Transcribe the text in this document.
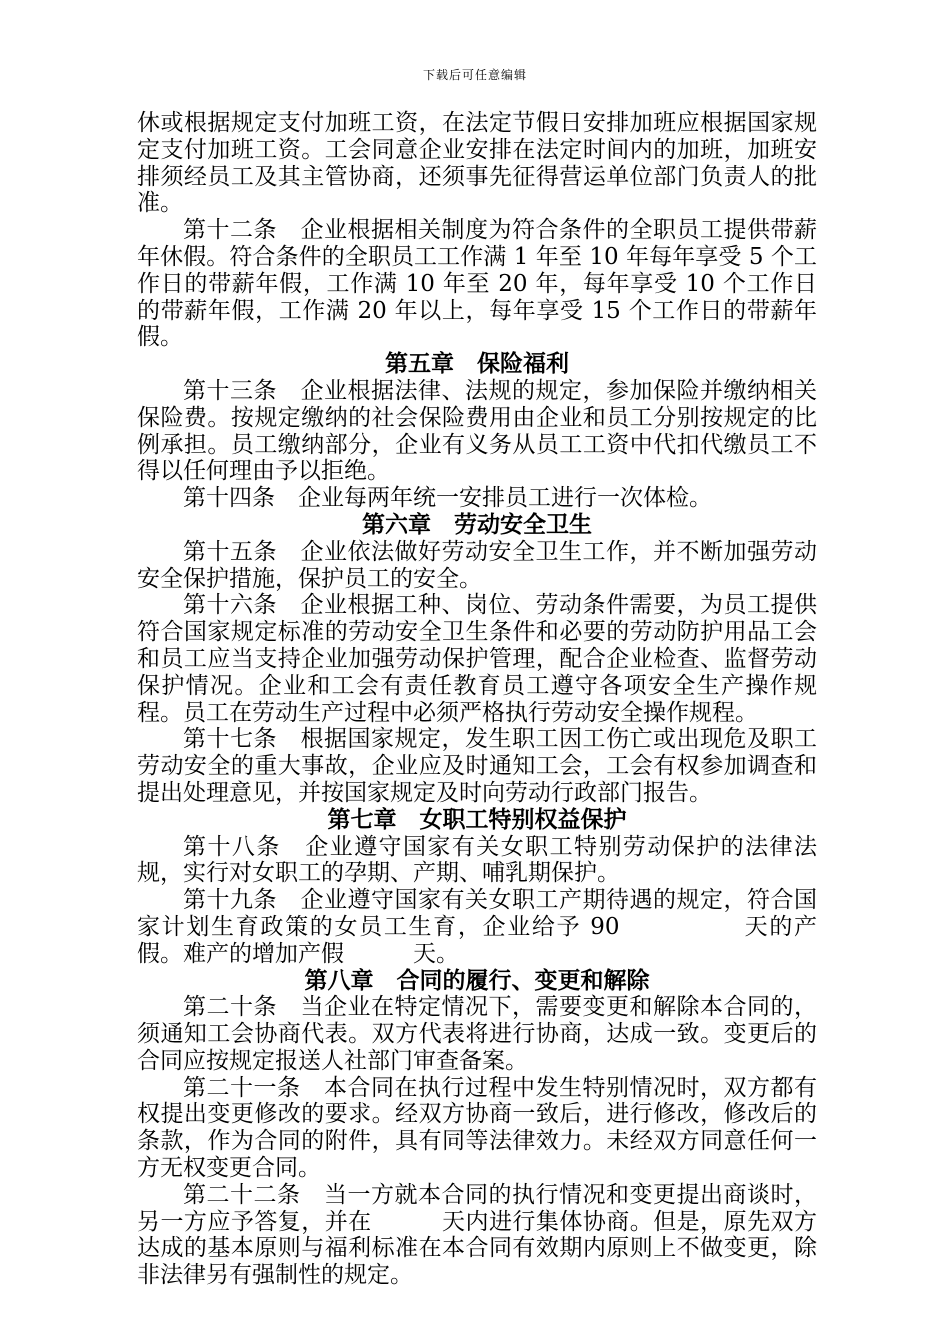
下载后可任意编辑

休或根据规定支付加班工资，在法定节假日安排加班应根据国家规定支付加班工资。工会同意企业安排在法定时间内的加班，加班安排须经员工及其主管协商，还须事先征得营运单位部门负责人的批准。

第十二条　企业根据相关制度为符合条件的全职员工提供带薪年休假。符合条件的全职员工工作满 1 年至 10 年每年享受 5 个工作日的带薪年假，工作满 10 年至 20 年，每年享受 10 个工作日的带薪年假，工作满 20 年以上，每年享受 15 个工作日的带薪年假。

第五章　保险福利

第十三条　企业根据法律、法规的规定，参加保险并缴纳相关保险费。按规定缴纳的社会保险费用由企业和员工分别按规定的比例承担。员工缴纳部分，企业有义务从员工工资中代扣代缴员工不得以任何理由予以拒绝。

第十四条　企业每两年统一安排员工进行一次体检。

第六章　劳动安全卫生

第十五条　企业依法做好劳动安全卫生工作，并不断加强劳动安全保护措施，保护员工的安全。

第十六条　企业根据工种、岗位、劳动条件需要，为员工提供符合国家规定标准的劳动安全卫生条件和必要的劳动防护用品工会和员工应当支持企业加强劳动保护管理，配合企业检查、监督劳动保护情况。企业和工会有责任教育员工遵守各项安全生产操作规程。员工在劳动生产过程中必须严格执行劳动安全操作规程。

第十七条　根据国家规定，发生职工因工伤亡或出现危及职工劳动安全的重大事故，企业应及时通知工会，工会有权参加调查和提出处理意见，并按国家规定及时向劳动行政部门报告。

第七章　女职工特别权益保护

第十八条　企业遵守国家有关女职工特别劳动保护的法律法规，实行对女职工的孕期、产期、哺乳期保护。

第十九条　企业遵守国家有关女职工产期待遇的规定，符合国家计划生育政策的女员工生育，企业给予 90　　　　　天的产假。难产的增加产假　　　天。

第八章　合同的履行、变更和解除

第二十条　当企业在特定情况下，需要变更和解除本合同的，须通知工会协商代表。双方代表将进行协商，达成一致。变更后的合同应按规定报送人社部门审查备案。

第二十一条　本合同在执行过程中发生特别情况时，双方都有权提出变更修改的要求。经双方协商一致后，进行修改，修改后的条款，作为合同的附件，具有同等法律效力。未经双方同意任何一方无权变更合同。

第二十二条　当一方就本合同的执行情况和变更提出商谈时，另一方应予答复，并在　　　天内进行集体协商。但是，原先双方达成的基本原则与福利标准在本合同有效期内原则上不做变更，除非法律另有强制性的规定。
